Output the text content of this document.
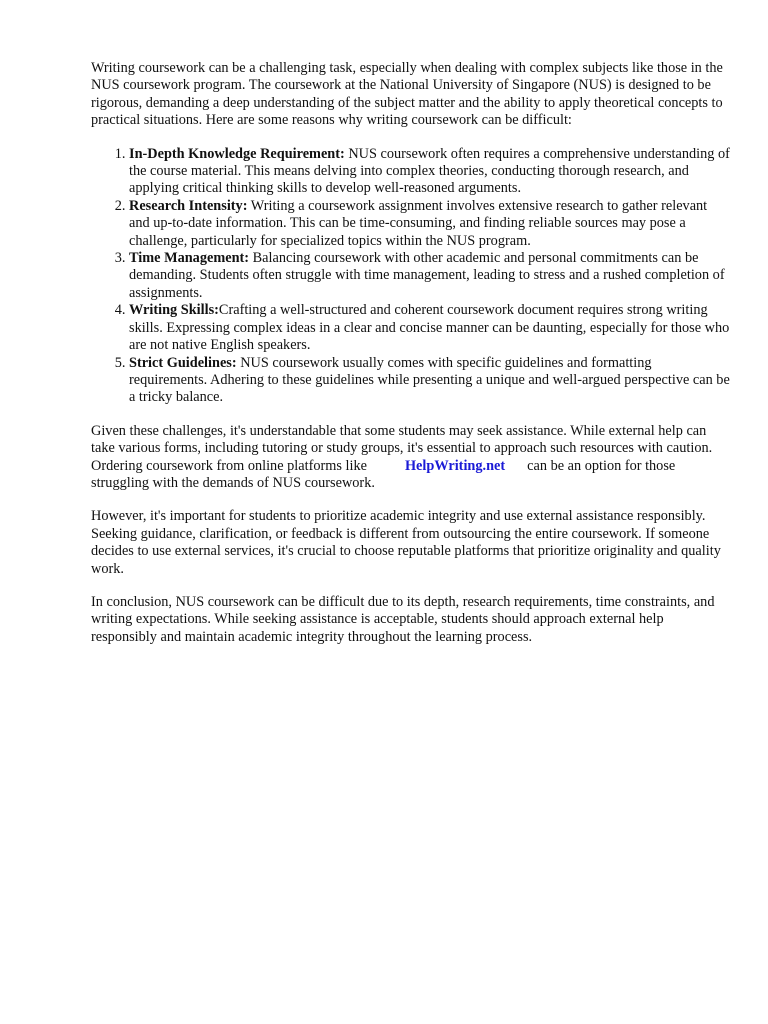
Writing coursework can be a challenging task, especially when dealing with complex subjects like those in the NUS coursework program. The coursework at the National University of Singapore (NUS) is designed to be rigorous, demanding a deep understanding of the subject matter and the ability to apply theoretical concepts to practical situations. Here are some reasons why writing coursework can be difficult:

1. In-Depth Knowledge Requirement: NUS coursework often requires a comprehensive understanding of the course material. This means delving into complex theories, conducting thorough research, and applying critical thinking skills to develop well-reasoned arguments.
2. Research Intensity: Writing a coursework assignment involves extensive research to gather relevant and up-to-date information. This can be time-consuming, and finding reliable sources may pose a challenge, particularly for specialized topics within the NUS program.
3. Time Management: Balancing coursework with other academic and personal commitments can be demanding. Students often struggle with time management, leading to stress and a rushed completion of assignments.
4. Writing Skills:Crafting a well-structured and coherent coursework document requires strong writing skills. Expressing complex ideas in a clear and concise manner can be daunting, especially for those who are not native English speakers.
5. Strict Guidelines: NUS coursework usually comes with specific guidelines and formatting requirements. Adhering to these guidelines while presenting a unique and well-argued perspective can be a tricky balance.

Given these challenges, it's understandable that some students may seek assistance. While external help can take various forms, including tutoring or study groups, it's essential to approach such resources with caution. Ordering coursework from online platforms like	HelpWriting.net can be an option for those struggling with the demands of NUS coursework.

However, it's important for students to prioritize academic integrity and use external assistance responsibly. Seeking guidance, clarification, or feedback is different from outsourcing the entire coursework. If someone decides to use external services, it's crucial to choose reputable platforms that prioritize originality and quality work.

In conclusion, NUS coursework can be difficult due to its depth, research requirements, time constraints, and writing expectations. While seeking assistance is acceptable, students should approach external help responsibly and maintain academic integrity throughout the learning process.
